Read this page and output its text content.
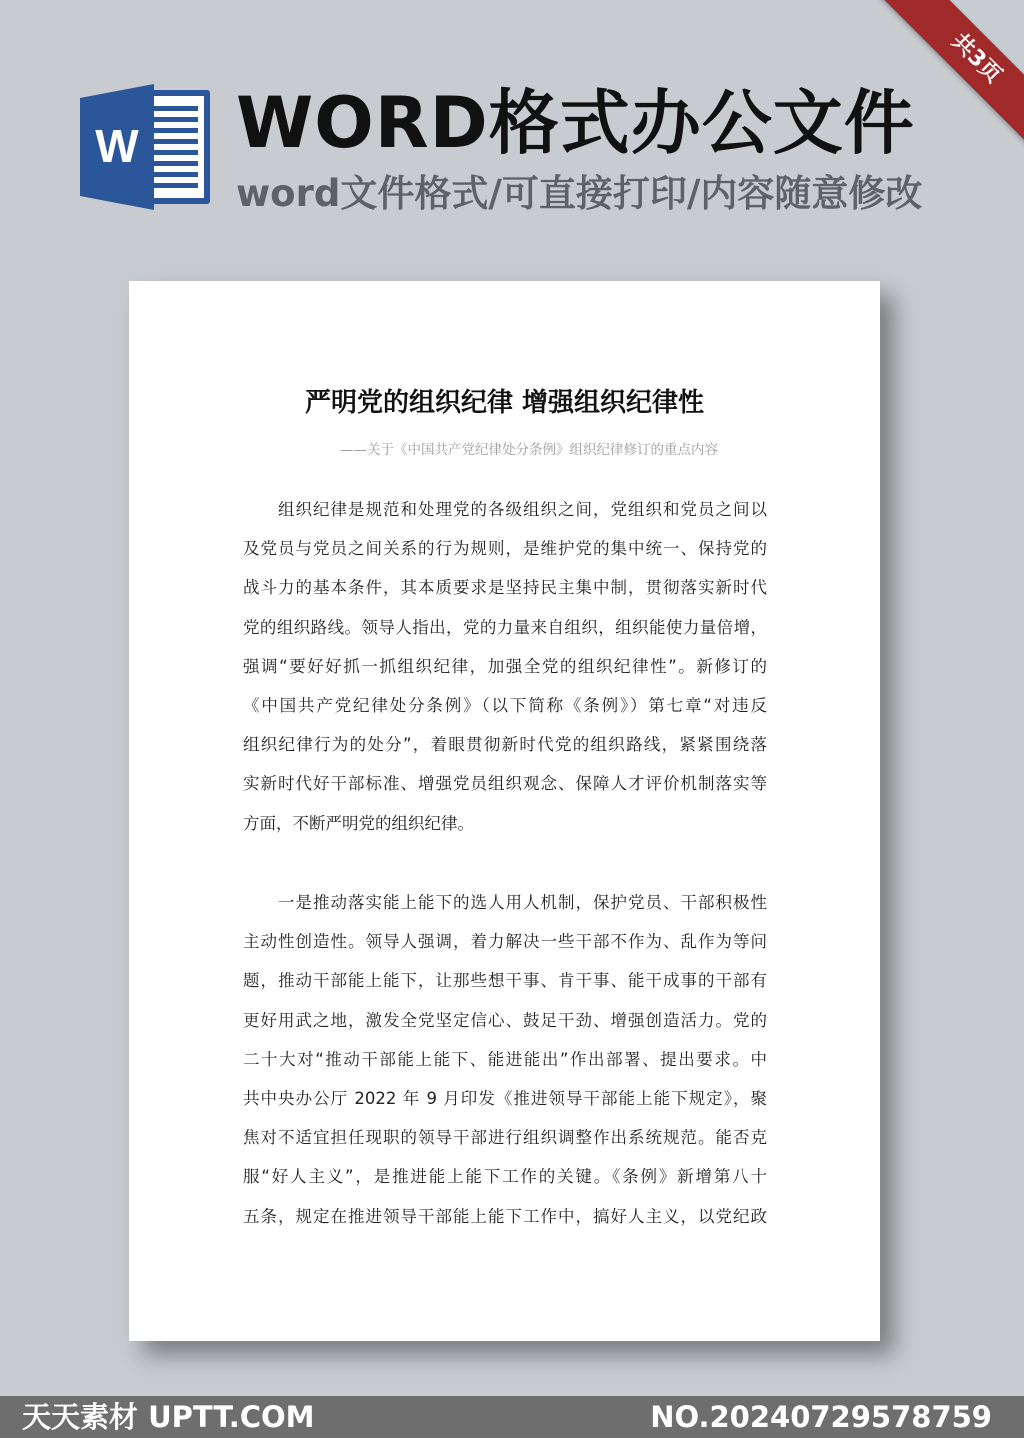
W WORD格式办公文件
word文件格式/可直接打印/内容随意修改
共3页
严明党的组织纪律 增强组织纪律性
——关于《中国共产党纪律处分条例》组织纪律修订的重点内容

　　组织纪律是规范和处理党的各级组织之间，党组织和党员之间以
及党员与党员之间关系的行为规则，是维护党的集中统一、保持党的
战斗力的基本条件，其本质要求是坚持民主集中制，贯彻落实新时代
党的组织路线。领导人指出，党的力量来自组织，组织能使力量倍增，
强调“要好好抓一抓组织纪律，加强全党的组织纪律性”。新修订的
《中国共产党纪律处分条例》（以下简称《条例》）第七章“对违反
组织纪律行为的处分”，着眼贯彻新时代党的组织路线，紧紧围绕落
实新时代好干部标准、增强党员组织观念、保障人才评价机制落实等
方面，不断严明党的组织纪律。

　　一是推动落实能上能下的选人用人机制，保护党员、干部积极性
主动性创造性。领导人强调，着力解决一些干部不作为、乱作为等问
题，推动干部能上能下，让那些想干事、肯干事、能干成事的干部有
更好用武之地，激发全党坚定信心、鼓足干劲、增强创造活力。党的
二十大对“推动干部能上能下、能进能出”作出部署、提出要求。中
共中央办公厅 2022 年 9 月印发《推进领导干部能上能下规定》，聚
焦对不适宜担任现职的领导干部进行组织调整作出系统规范。能否克
服“好人主义”，是推进能上能下工作的关键。《条例》新增第八十
五条，规定在推进领导干部能上能下工作中，搞好人主义，以党纪政

天天素材 UPTT.COM	NO.20240729578759
